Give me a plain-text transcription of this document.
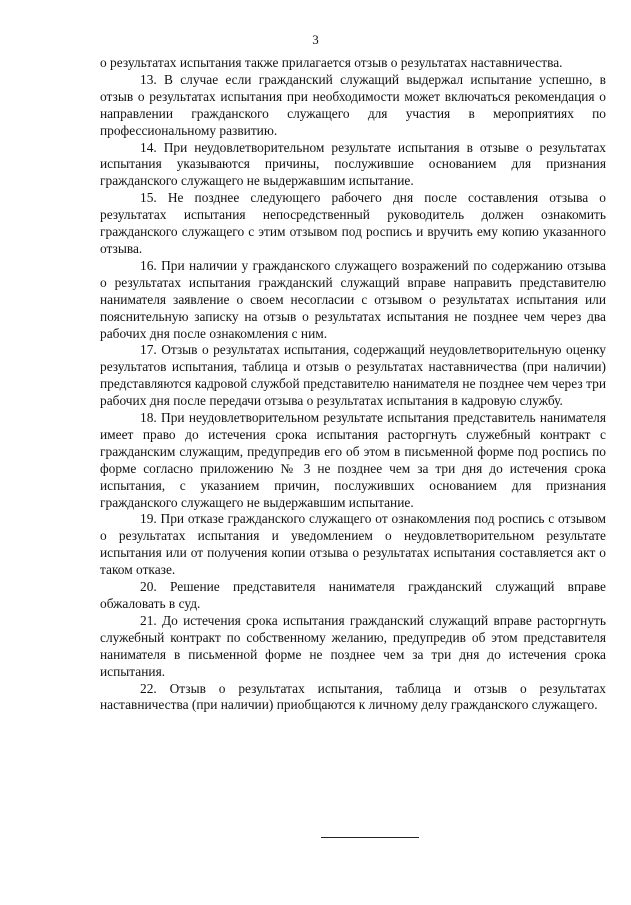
3

о результатах испытания также прилагается отзыв о результатах наставничества.

13. В случае если гражданский служащий выдержал испытание успешно, в отзыв о результатах испытания при необходимости может включаться рекомендация о направлении гражданского служащего для участия в мероприятиях по профессиональному развитию.

14. При неудовлетворительном результате испытания в отзыве о результатах испытания указываются причины, послужившие основанием для признания гражданского служащего не выдержавшим испытание.

15. Не позднее следующего рабочего дня после составления отзыва о результатах испытания непосредственный руководитель должен ознакомить гражданского служащего с этим отзывом под роспись и вручить ему копию указанного отзыва.

16. При наличии у гражданского служащего возражений по содержанию отзыва о результатах испытания гражданский служащий вправе направить представителю нанимателя заявление о своем несогласии с отзывом о результатах испытания или пояснительную записку на отзыв о результатах испытания не позднее чем через два рабочих дня после ознакомления с ним.

17. Отзыв о результатах испытания, содержащий неудовлетворительную оценку результатов испытания, таблица и отзыв о результатах наставничества (при наличии) представляются кадровой службой представителю нанимателя не позднее чем через три рабочих дня после передачи отзыва о результатах испытания в кадровую службу.

18. При неудовлетворительном результате испытания представитель нанимателя имеет право до истечения срока испытания расторгнуть служебный контракт с гражданским служащим, предупредив его об этом в письменной форме под роспись по форме согласно приложению № 3 не позднее чем за три дня до истечения срока испытания, с указанием причин, послуживших основанием для признания гражданского служащего не выдержавшим испытание.

19. При отказе гражданского служащего от ознакомления под роспись с отзывом о результатах испытания и уведомлением о неудовлетворительном результате испытания или от получения копии отзыва о результатах испытания составляется акт о таком отказе.

20. Решение представителя нанимателя гражданский служащий вправе обжаловать в суд.

21. До истечения срока испытания гражданский служащий вправе расторгнуть служебный контракт по собственному желанию, предупредив об этом представителя нанимателя в письменной форме не позднее чем за три дня до истечения срока испытания.

22. Отзыв о результатах испытания, таблица и отзыв о результатах наставничества (при наличии) приобщаются к личному делу гражданского служащего.
